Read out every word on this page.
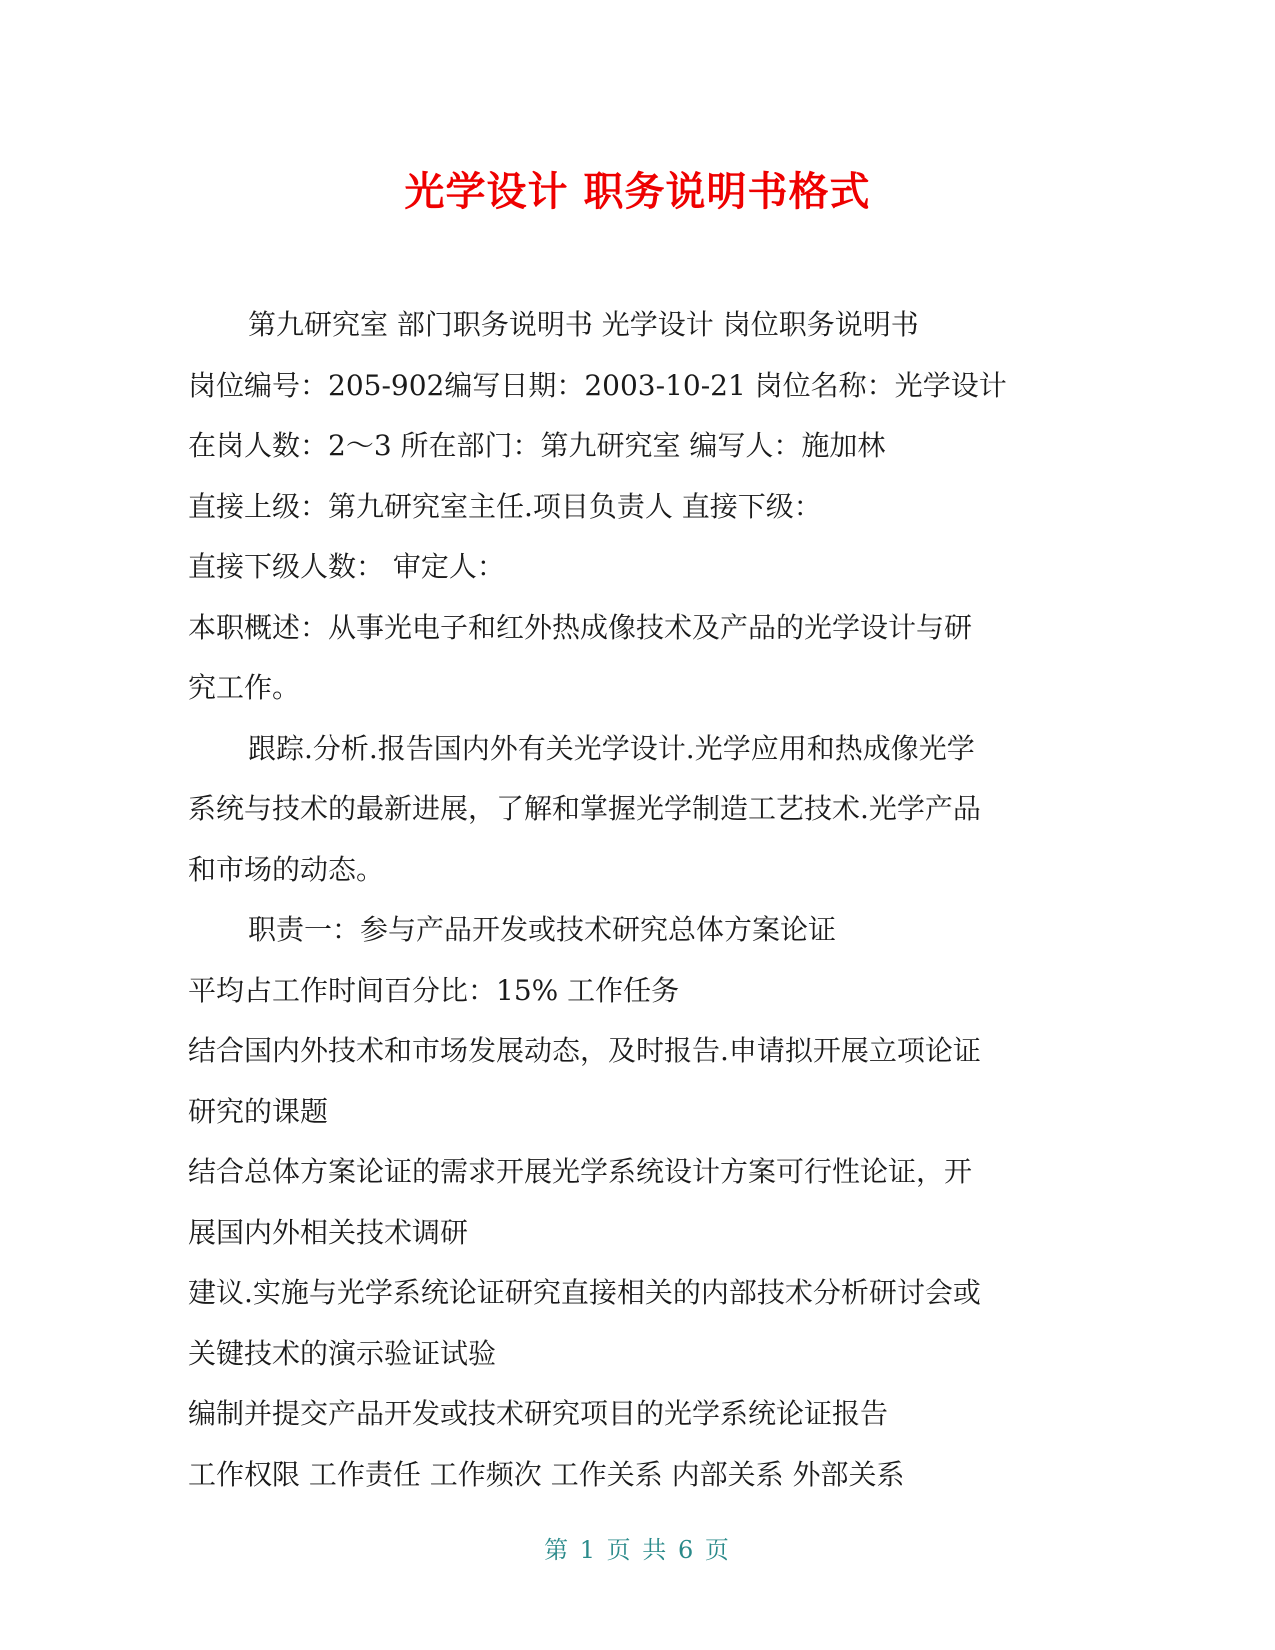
光学设计 职务说明书格式

第九研究室 部门职务说明书 光学设计 岗位职务说明书

岗位编号：205-902编写日期：2003-10-21 岗位名称：光学设计

在岗人数：2～3 所在部门：第九研究室 编写人：施加林

直接上级：第九研究室主任.项目负责人 直接下级：

直接下级人数： 审定人：

本职概述：从事光电子和红外热成像技术及产品的光学设计与研

究工作。

跟踪.分析.报告国内外有关光学设计.光学应用和热成像光学

系统与技术的最新进展，了解和掌握光学制造工艺技术.光学产品

和市场的动态。

职责一：参与产品开发或技术研究总体方案论证

平均占工作时间百分比：15% 工作任务

结合国内外技术和市场发展动态，及时报告.申请拟开展立项论证

研究的课题

结合总体方案论证的需求开展光学系统设计方案可行性论证，开

展国内外相关技术调研

建议.实施与光学系统论证研究直接相关的内部技术分析研讨会或

关键技术的演示验证试验

编制并提交产品开发或技术研究项目的光学系统论证报告

工作权限 工作责任 工作频次 工作关系 内部关系 外部关系

第 1 页 共 6 页
